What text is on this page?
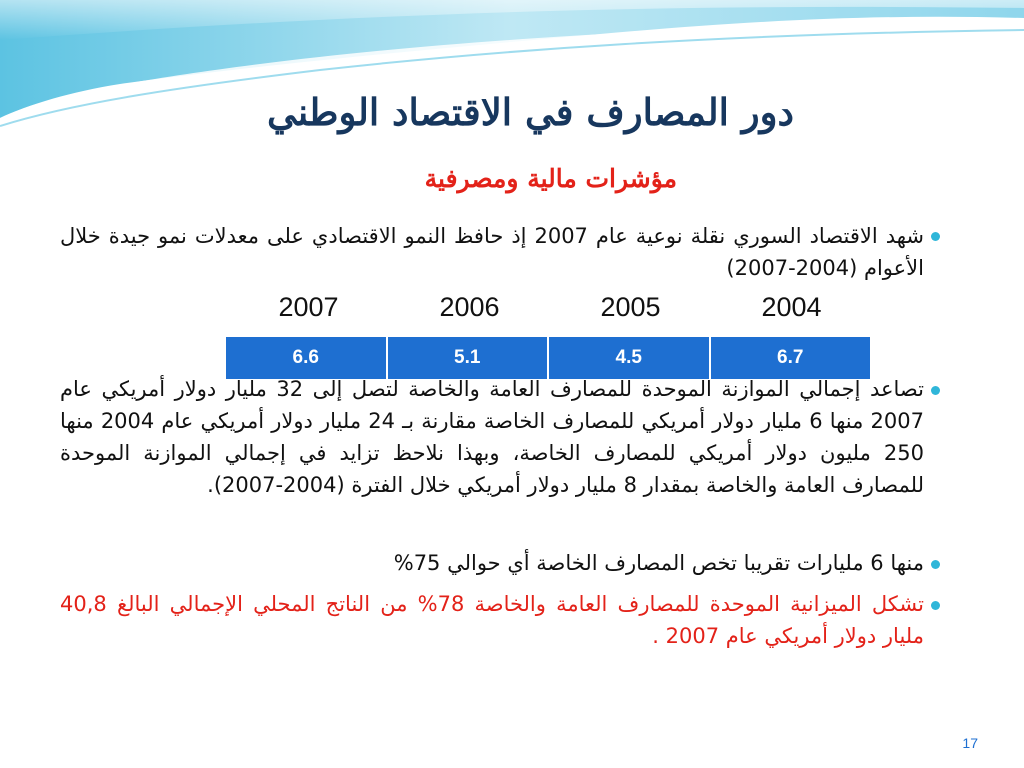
دور المصارف في الاقتصاد الوطني
مؤشرات مالية ومصرفية
شهد الاقتصاد السوري نقلة نوعية عام 2007 إذ حافظ النمو الاقتصادي على معدلات نمو جيدة خلال الأعوام (2004-2007)
2007	2006	2005	2004
6.6	5.1	4.5	6.7
تصاعد إجمالي الموازنة الموحدة للمصارف العامة والخاصة لتصل إلى 32 مليار دولار أمريكي عام 2007 منها 6 مليار دولار أمريكي للمصارف الخاصة مقارنة بـ 24 مليار دولار أمريكي عام 2004 منها 250 مليون دولار أمريكي للمصارف الخاصة، وبهذا نلاحظ تزايد في إجمالي الموازنة الموحدة للمصارف العامة والخاصة بمقدار 8 مليار دولار أمريكي خلال الفترة (2004-2007).
منها 6 مليارات تقريبا تخص المصارف الخاصة أي حوالي 75%
تشكل الميزانية الموحدة للمصارف العامة والخاصة 78% من الناتج المحلي الإجمالي البالغ 40,8 مليار دولار أمريكي عام 2007 .
17
